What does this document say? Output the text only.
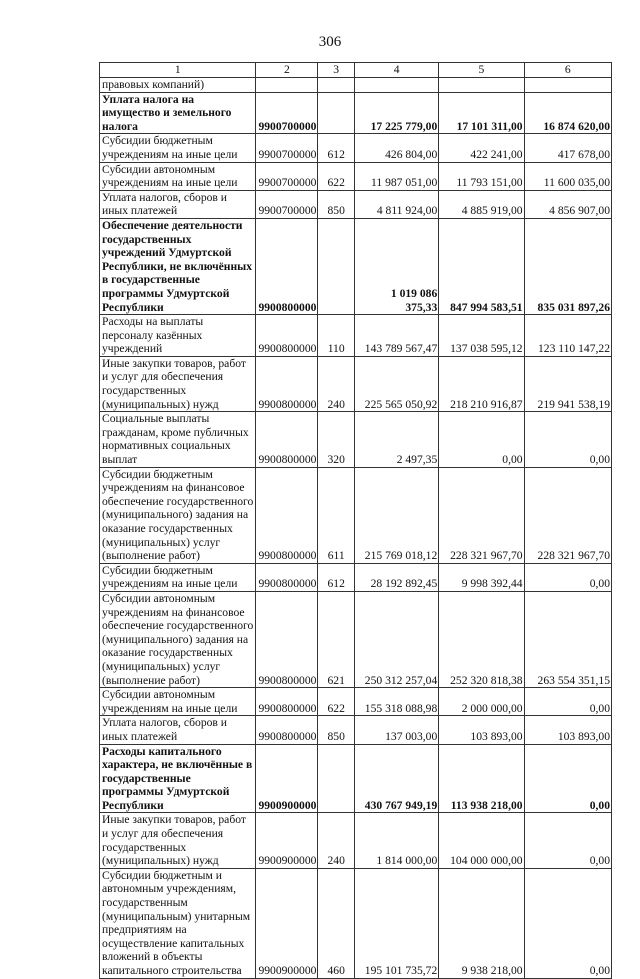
306
1	2	3	4	5	6
правовых компаний)					
Уплата налога на имущество и земельного налога	9900700000		17 225 779,00	17 101 311,00	16 874 620,00
Субсидии бюджетным учреждениям на иные цели	9900700000	612	426 804,00	422 241,00	417 678,00
Субсидии автономным учреждениям на иные цели	9900700000	622	11 987 051,00	11 793 151,00	11 600 035,00
Уплата налогов, сборов и иных платежей	9900700000	850	4 811 924,00	4 885 919,00	4 856 907,00
Обеспечение деятельности государственных учреждений Удмуртской Республики, не включённых в государственные программы Удмуртской Республики	9900800000		1 019 086 375,33	847 994 583,51	835 031 897,26
Расходы на выплаты персоналу казённых учреждений	9900800000	110	143 789 567,47	137 038 595,12	123 110 147,22
Иные закупки товаров, работ и услуг для обеспечения государственных (муниципальных) нужд	9900800000	240	225 565 050,92	218 210 916,87	219 941 538,19
Социальные выплаты гражданам, кроме публичных нормативных социальных выплат	9900800000	320	2 497,35	0,00	0,00
Субсидии бюджетным учреждениям на финансовое обеспечение государственного (муниципального) задания на оказание государственных (муниципальных) услуг (выполнение работ)	9900800000	611	215 769 018,12	228 321 967,70	228 321 967,70
Субсидии бюджетным учреждениям на иные цели	9900800000	612	28 192 892,45	9 998 392,44	0,00
Субсидии автономным учреждениям на финансовое обеспечение государственного (муниципального) задания на оказание государственных (муниципальных) услуг (выполнение работ)	9900800000	621	250 312 257,04	252 320 818,38	263 554 351,15
Субсидии автономным учреждениям на иные цели	9900800000	622	155 318 088,98	2 000 000,00	0,00
Уплата налогов, сборов и иных платежей	9900800000	850	137 003,00	103 893,00	103 893,00
Расходы капитального характера, не включённые в государственные программы Удмуртской Республики	9900900000		430 767 949,19	113 938 218,00	0,00
Иные закупки товаров, работ и услуг для обеспечения государственных (муниципальных) нужд	9900900000	240	1 814 000,00	104 000 000,00	0,00
Субсидии бюджетным и автономным учреждениям, государственным (муниципальным) унитарным предприятиям на осуществление капитальных вложений в объекты капитального строительства	9900900000	460	195 101 735,72	9 938 218,00	0,00
